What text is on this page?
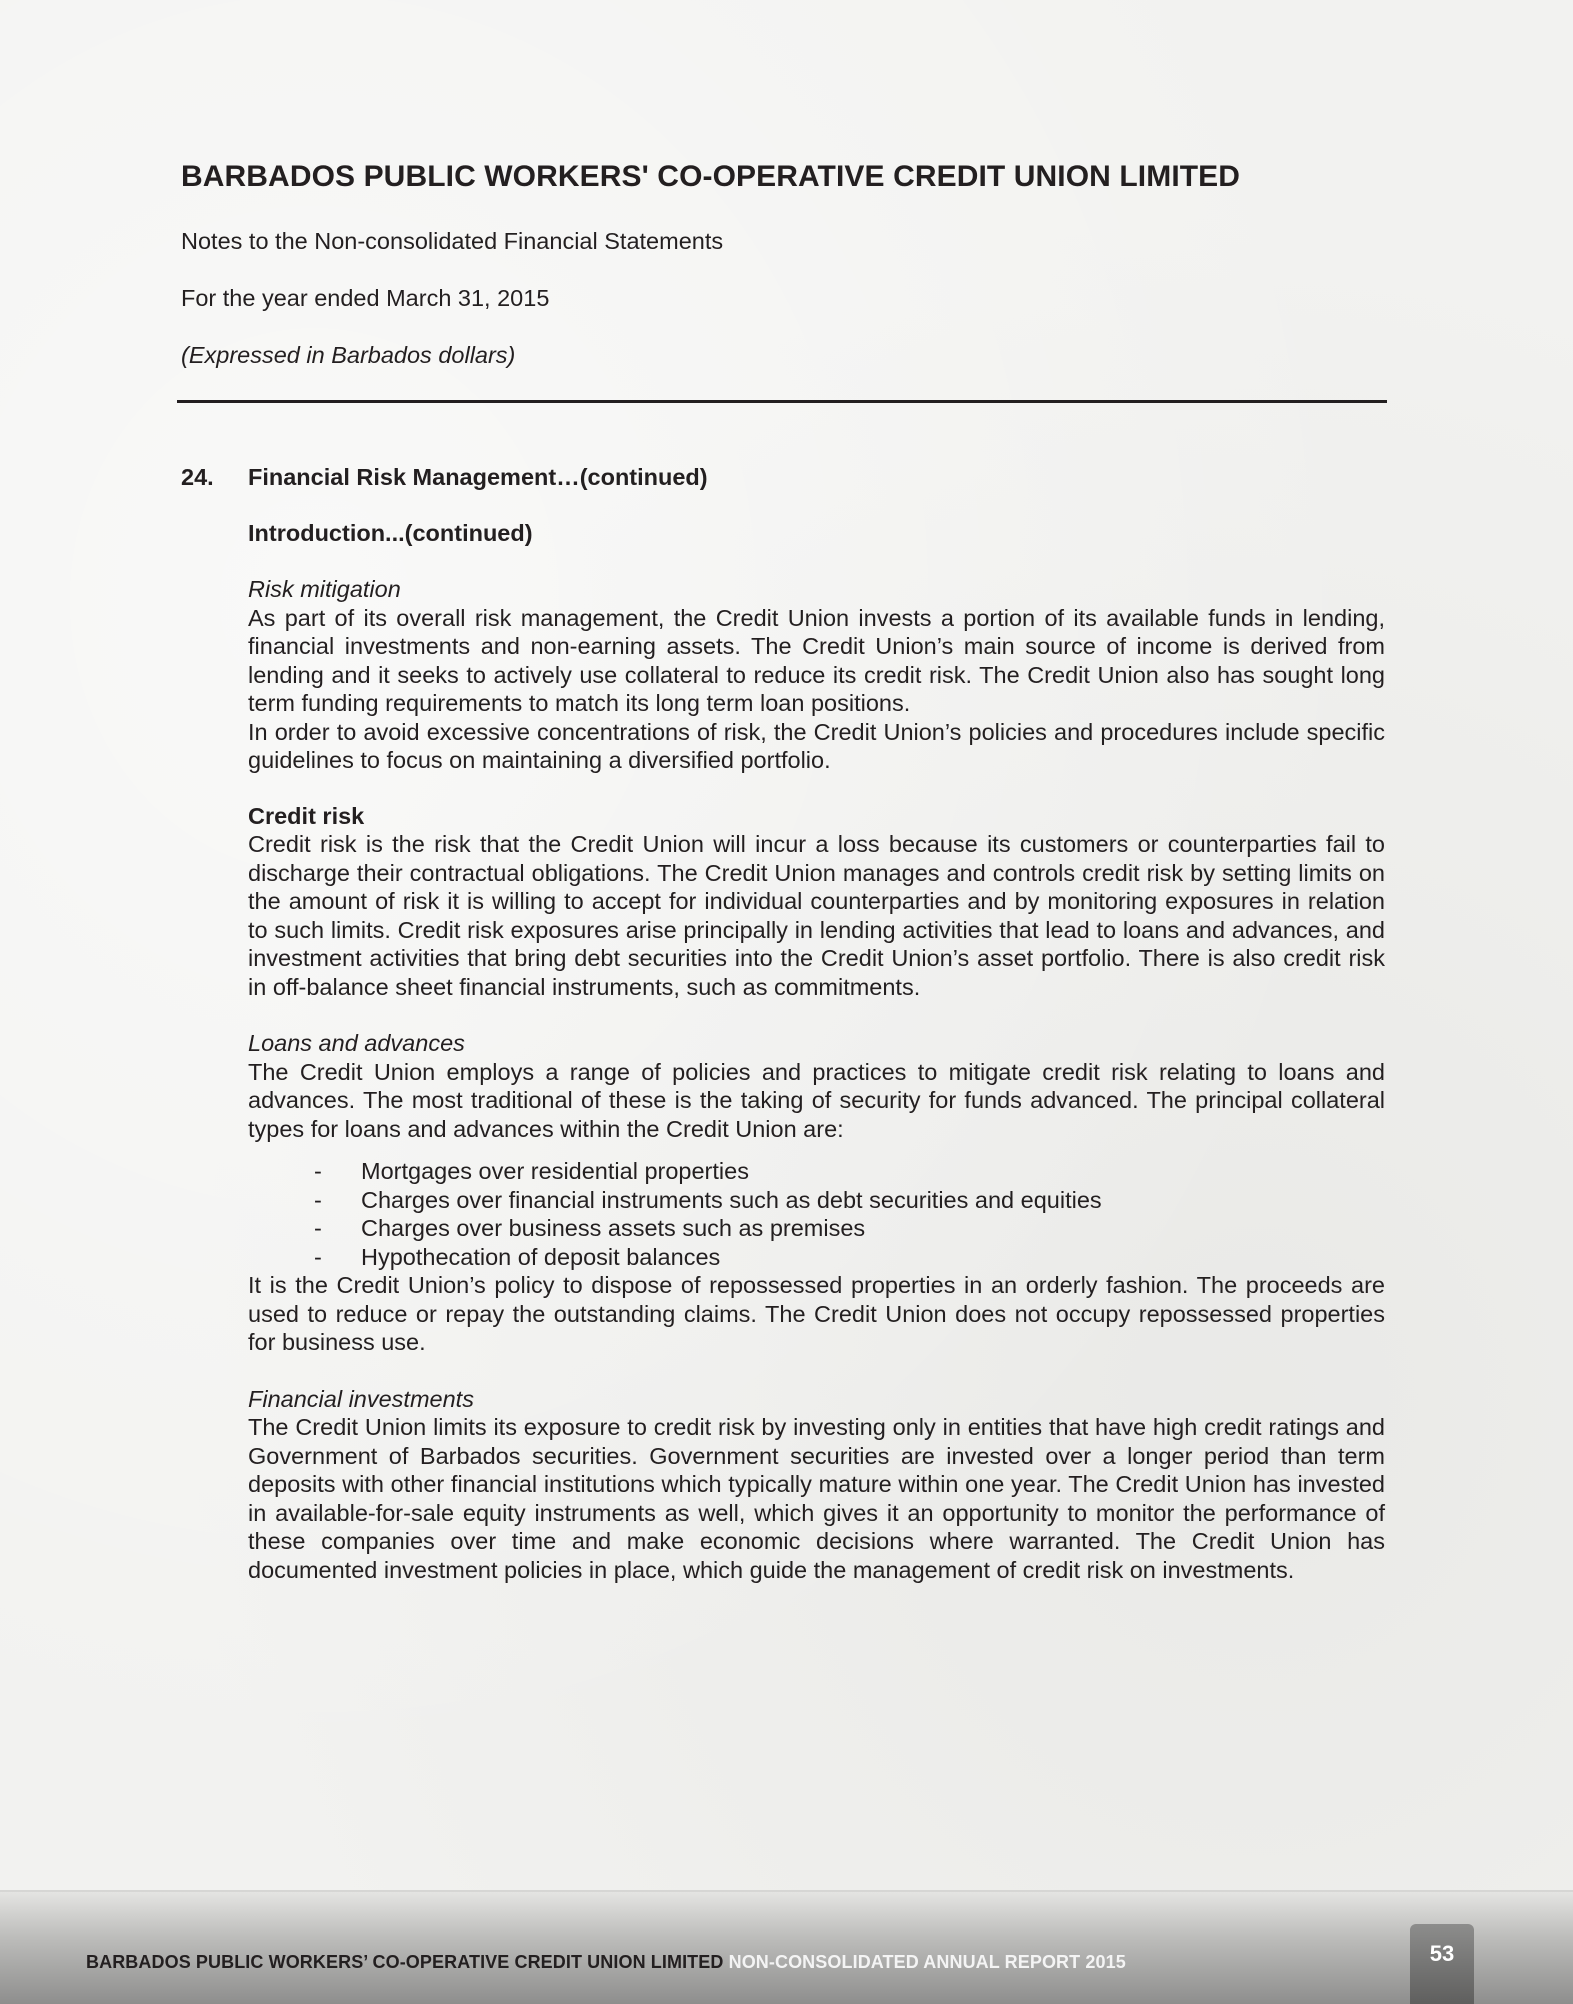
BARBADOS PUBLIC WORKERS' CO-OPERATIVE CREDIT UNION LIMITED

Notes to the Non-consolidated Financial Statements

For the year ended March 31, 2015

(Expressed in Barbados dollars)

24.	Financial Risk Management…(continued)

Introduction...(continued)

Risk mitigation

As part of its overall risk management, the Credit Union invests a portion of its available funds in lending, financial investments and non-earning assets. The Credit Union’s main source of income is derived from lending and it seeks to actively use collateral to reduce its credit risk. The Credit Union also has sought long term funding requirements to match its long term loan positions.

In order to avoid excessive concentrations of risk, the Credit Union’s policies and procedures include specific guidelines to focus on maintaining a diversified portfolio.

Credit risk

Credit risk is the risk that the Credit Union will incur a loss because its customers or counterparties fail to discharge their contractual obligations. The Credit Union manages and controls credit risk by setting limits on the amount of risk it is willing to accept for individual counterparties and by monitoring exposures in relation to such limits. Credit risk exposures arise principally in lending activities that lead to loans and advances, and investment activities that bring debt securities into the Credit Union’s asset portfolio. There is also credit risk in off-balance sheet financial instruments, such as commitments.

Loans and advances

The Credit Union employs a range of policies and practices to mitigate credit risk relating to loans and advances. The most traditional of these is the taking of security for funds advanced. The principal collateral types for loans and advances within the Credit Union are:

-	Mortgages over residential properties
-	Charges over financial instruments such as debt securities and equities
-	Charges over business assets such as premises
-	Hypothecation of deposit balances

It is the Credit Union’s policy to dispose of repossessed properties in an orderly fashion. The proceeds are used to reduce or repay the outstanding claims. The Credit Union does not occupy repossessed properties for business use.

Financial investments

The Credit Union limits its exposure to credit risk by investing only in entities that have high credit ratings and Government of Barbados securities. Government securities are invested over a longer period than term deposits with other financial institutions which typically mature within one year. The Credit Union has invested in available-for-sale equity instruments as well, which gives it an opportunity to monitor the performance of these companies over time and make economic decisions where warranted. The Credit Union has documented investment policies in place, which guide the management of credit risk on investments.

BARBADOS PUBLIC WORKERS’ CO-OPERATIVE CREDIT UNION LIMITED NON-CONSOLIDATED ANNUAL REPORT 2015	53
